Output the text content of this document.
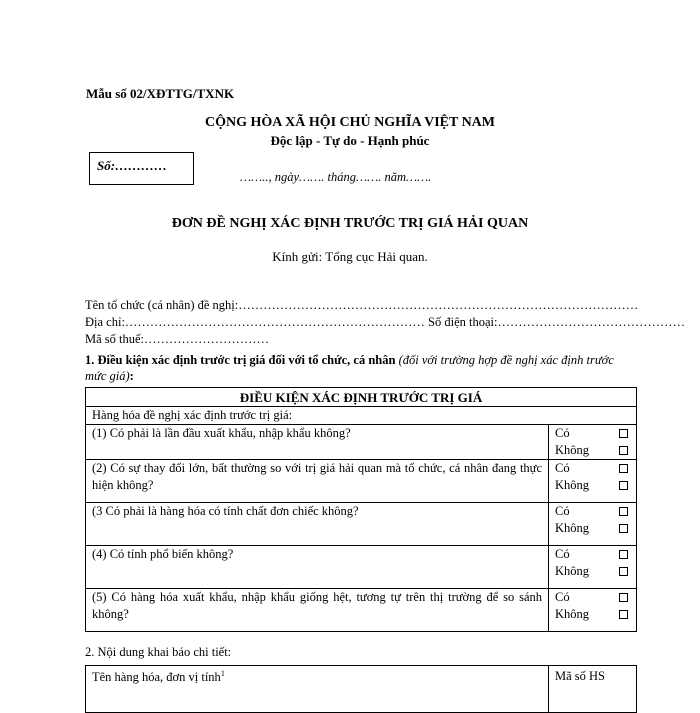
Mẫu số 02/XĐTTG/TXNK
CỘNG HÒA XÃ HỘI CHỦ NGHĨA VIỆT NAM
Độc lập - Tự do - Hạnh phúc
Số:…………
…….., ngày……. tháng……. năm…….
ĐƠN ĐỀ NGHỊ XÁC ĐỊNH TRƯỚC TRỊ GIÁ HẢI QUAN
Kính gửi: Tổng cục Hải quan.
Tên tổ chức (cá nhân) đề nghị:……………………………………………………………………………………
Địa chỉ:……………………………………………………………… Số điện thoại:………………………………………
Mã số thuế:…………………………
1. Điều kiện xác định trước trị giá đối với tổ chức, cá nhân (đối với trường hợp đề nghị xác định trước mức giá):
ĐIỀU KIỆN XÁC ĐỊNH TRƯỚC TRỊ GIÁ	
Hàng hóa đề nghị xác định trước trị giá:	
(1) Có phải là lần đầu xuất khẩu, nhập khẩu không?	Có
Không

(2) Có sự thay đổi lớn, bất thường so với trị giá hải quan mà tổ chức, cá nhân đang thực hiện không?	Có
Không

(3 Có phải là hàng hóa có tính chất đơn chiếc không?	Có
Không

(4) Có tính phổ biến không?	Có
Không

(5) Có hàng hóa xuất khẩu, nhập khẩu giống hệt, tương tự trên thị trường để so sánh không?	Có
Không
2. Nội dung khai báo chi tiết:
Tên hàng hóa, đơn vị tính$^1$	Mã số HS
